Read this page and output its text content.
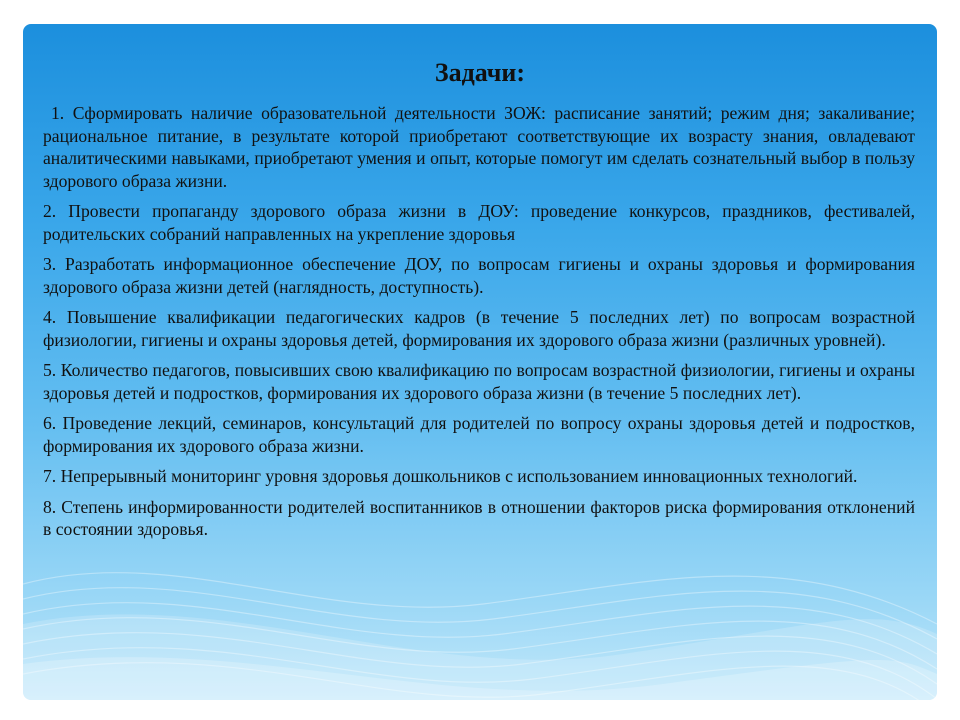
Задачи:

1. Сформировать наличие образовательной деятельности ЗОЖ: расписание занятий; режим дня; закаливание; рациональное питание, в результате которой приобретают соответствующие их возрасту знания, овладевают аналитическими навыками, приобретают умения и опыт, которые помогут им сделать сознательный выбор в пользу здорового образа жизни.

2. Провести пропаганду здорового образа жизни в ДОУ: проведение конкурсов, праздников, фестивалей, родительских собраний направленных на укрепление здоровья

3. Разработать информационное обеспечение ДОУ, по вопросам гигиены и охраны здоровья и формирования здорового образа жизни детей (наглядность, доступность).

4. Повышение квалификации педагогических кадров (в течение 5 последних лет) по вопросам возрастной физиологии, гигиены и охраны здоровья детей, формирования их здорового образа жизни (различных уровней).

5. Количество педагогов, повысивших свою квалификацию по вопросам возрастной физиологии, гигиены и охраны здоровья детей и подростков, формирования их здорового образа жизни (в течение 5 последних лет).

6. Проведение лекций, семинаров, консультаций для родителей по вопросу охраны здоровья детей и подростков, формирования их здорового образа жизни.

7. Непрерывный мониторинг уровня здоровья дошкольников с использованием инновационных технологий.

8. Степень информированности родителей воспитанников в отношении факторов риска формирования отклонений в состоянии здоровья.
